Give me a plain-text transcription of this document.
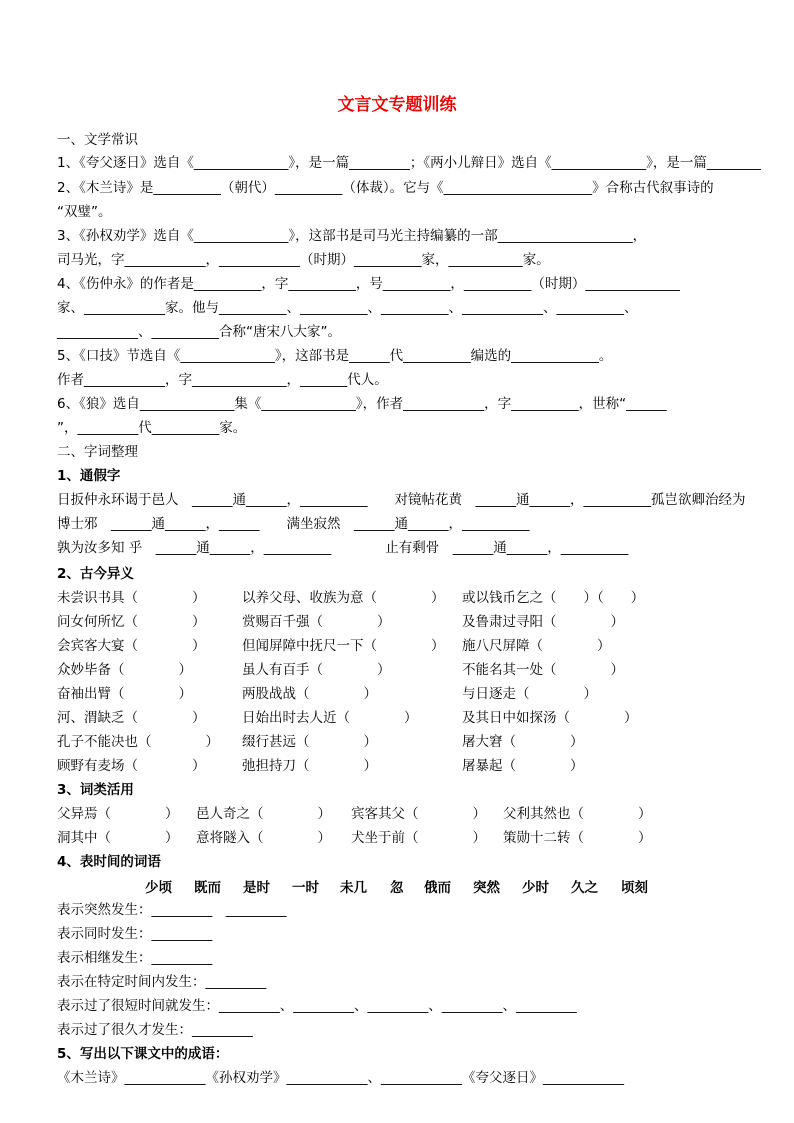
文言文专题训练
一、文学常识
1、《夸父逐日》选自《______________》，是一篇_________；《两小儿辩日》选自《______________》，是一篇________
2、《木兰诗》是__________（朝代）__________（体裁）。它与《______________________》合称古代叙事诗的
“双璧”。
3、《孙权劝学》选自《______________》，这部书是司马光主持编纂的一部____________________，
司马光，字____________，____________（时期）__________家，___________家。
4、《伤仲永》的作者是__________，字__________，号__________，__________（时期）______________
家、____________家。他与__________、__________、__________、____________、__________、
____________、__________合称“唐宋八大家”。
5、《口技》节选自《______________》，这部书是______代__________编选的_____________。
作者____________，字______________，_______代人。
6、《狼》选自______________集《______________》，作者____________，字__________，世称“______
”，_________代__________家。
二、字词整理
1、通假字
2、古今异义
3、词类活用
4、表时间的词语
5、写出以下课文中的成语：
日扳仲永环谒于邑人　______通______，__________　　对镜帖花黄　______通______，__________孤岂欲卿治经为
博士邪　______通______，______　　满坐寂然　______通______，__________
孰为汝多知 乎　______通______，__________　　　　止有剩骨　______通______，__________
表示突然发生：_________　_________
表示同时发生：_________
表示相继发生：_________
表示在特定时间内发生：_________
表示过了很短时间就发生：_________、_________、_________、_________、_________
表示过了很久才发生：_________
《木兰诗》____________《孙权劝学》____________、____________《夸父逐日》____________
未尝识书具（　　　　）	以养父母、收族为意（　　　　） 或以钱币乞之（　　）（　　）
问女何所忆（　　　　）	赏赐百千强（　　　　）	及鲁肃过寻阳（　　　　）
会宾客大宴（　　　　）	但闻屏障中抚尺一下（　　　　） 施八尺屏障（　　　　）
众妙毕备（　　　　）	虽人有百手（　　　　）	不能名其一处（　　　　）
奋袖出臂（　　　　）	两股战战（　　　　）	与日逐走（　　　　）
河、渭缺乏（　　　　）	日始出时去人近（　　　　）	及其日中如探汤（　　　　）
孔子不能决也（　　　　） 缀行甚远（　　　　）	屠大窘（　　　　）
顾野有麦场（　　　　）	弛担持刀（　　　　）	屠暴起（　　　　）
父异焉（　　　　） 邑人奇之（　　　　） 宾客其父（　　　　） 父利其然也（　　　　）
洞其中（　　　　） 意将隧入（　　　　） 犬坐于前（　　　　） 策勋十二转（　　　　）
少顷 既而 是时 一时 未几 忽 俄而 突然 少时 久之 顷刻
